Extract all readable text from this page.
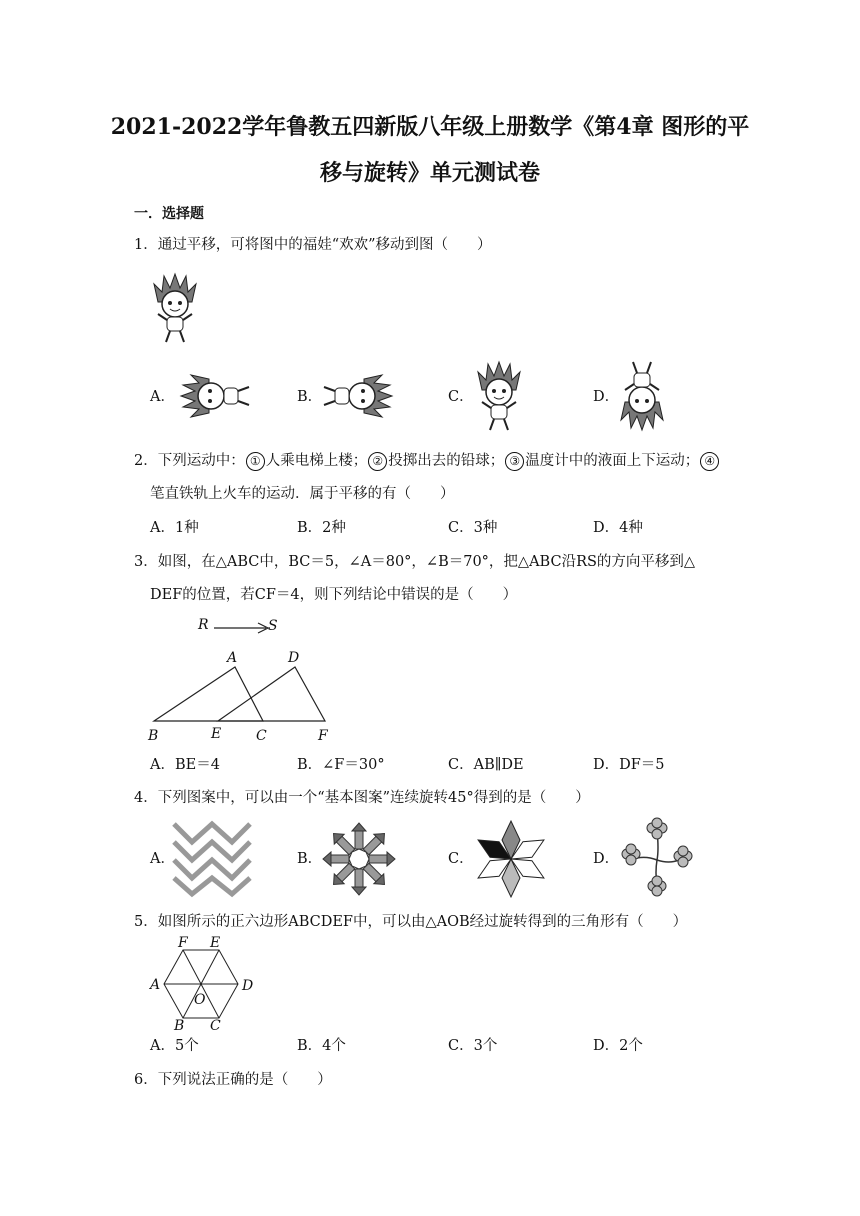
2021-2022学年鲁教五四新版八年级上册数学《第4章 图形的平
移与旋转》单元测试卷
一．选择题
1．通过平移，可将图中的福娃“欢欢”移动到图（　　）
A．	B．	C．	D．
2．下列运动中： ① 人乘电梯上楼； ② 投掷出去的铅球； ③ 温度计中的液面上下运动； ④
笔直铁轨上火车的运动．属于平移的有（　　）
A．1种	B．2种	C．3种	D．4种
3．如图，在△ABC中，BC＝5，∠A＝80°，∠B＝70°，把△ABC沿RS的方向平移到△
DEF的位置，若CF＝4，则下列结论中错误的是（　　）
R	S
A	D
B	E C	F
A．BE＝4	B．∠F＝30°	C．AB∥DE	D．DF＝5
4．下列图案中，可以由一个“基本图案”连续旋转45°得到的是（　　）
A．	B．	C．	D．
5．如图所示的正六边形ABCDEF中，可以由△AOB经过旋转得到的三角形有（　　）
F E
A	D
O
B C
A．5个	B．4个	C．3个	D．2个
6．下列说法正确的是（　　）
